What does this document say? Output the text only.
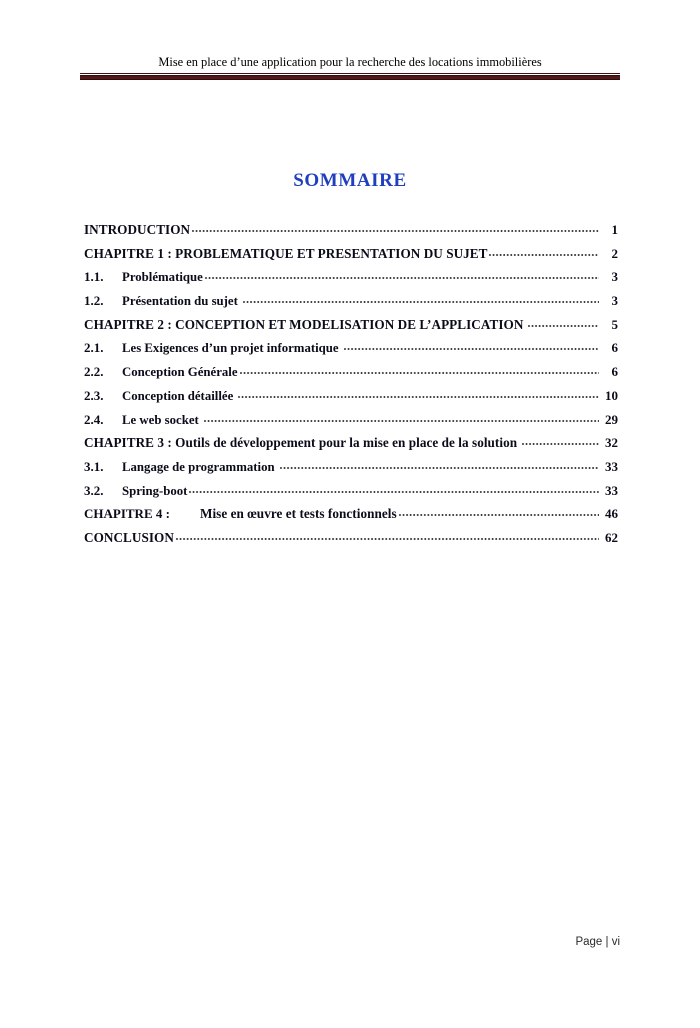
Mise en place d’une application pour la recherche des locations immobilières
SOMMAIRE
INTRODUCTION	1
CHAPITRE 1 : PROBLEMATIQUE ET PRESENTATION DU SUJET	2
1.1.	Problématique	3
1.2.	Présentation du sujet	3
CHAPITRE 2 : CONCEPTION ET MODELISATION DE L’APPLICATION	5
2.1.	Les Exigences d’un projet informatique	6
2.2.	Conception Générale	6
2.3.	Conception détaillée	10
2.4.	Le web socket	29
CHAPITRE 3 : Outils de développement pour la mise en place de la solution	32
3.1.	Langage de programmation	33
3.2.	Spring-boot	33
CHAPITRE 4 :	Mise en œuvre et tests fonctionnels	46
CONCLUSION	62
Page | vi
